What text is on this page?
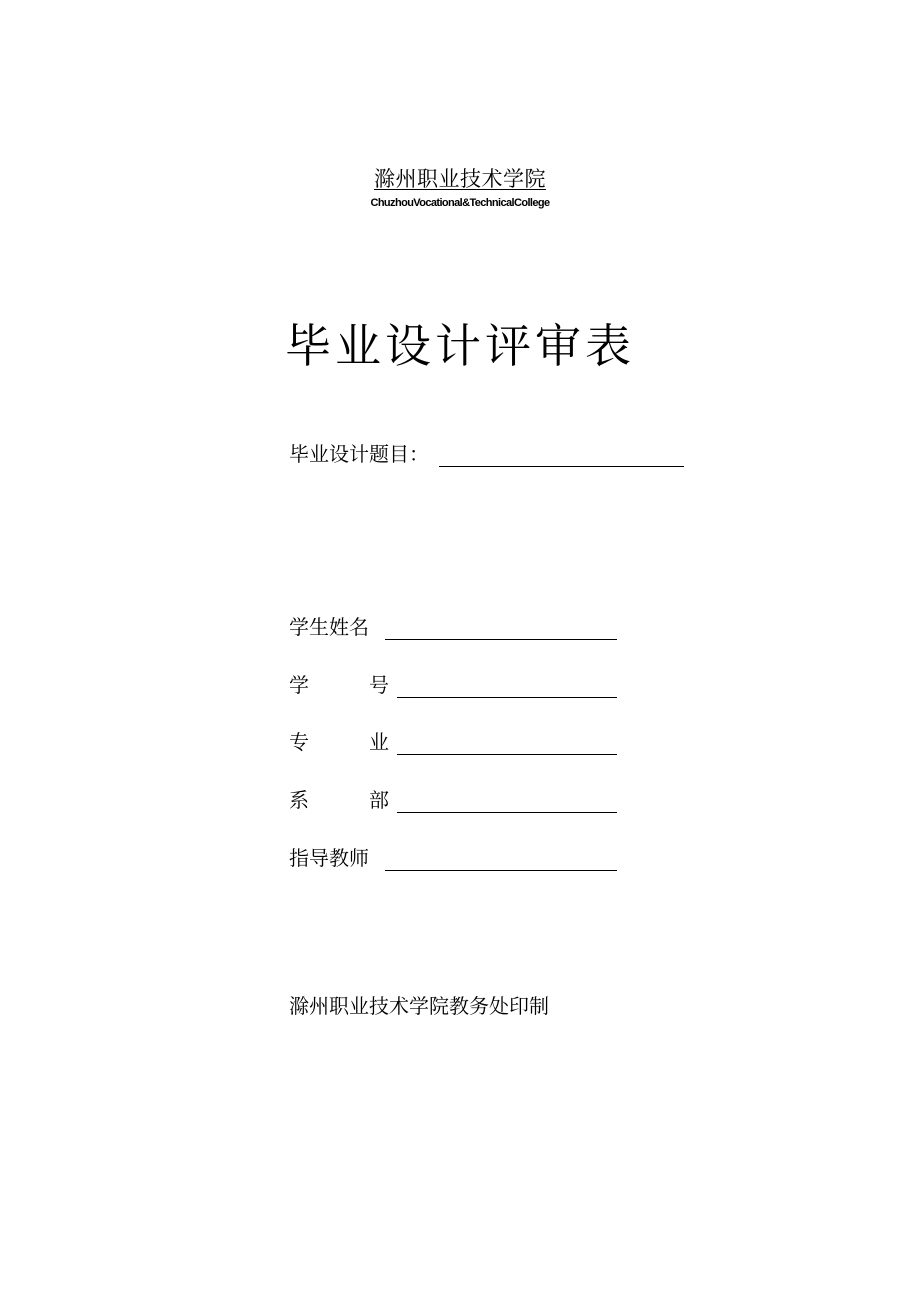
滁州职业技术学院
ChuzhouVocational&TechnicalCollege
毕业设计评审表
毕业设计题目：
学生姓名
学	号
专	业
系	部
指导教师
滁州职业技术学院教务处印制
